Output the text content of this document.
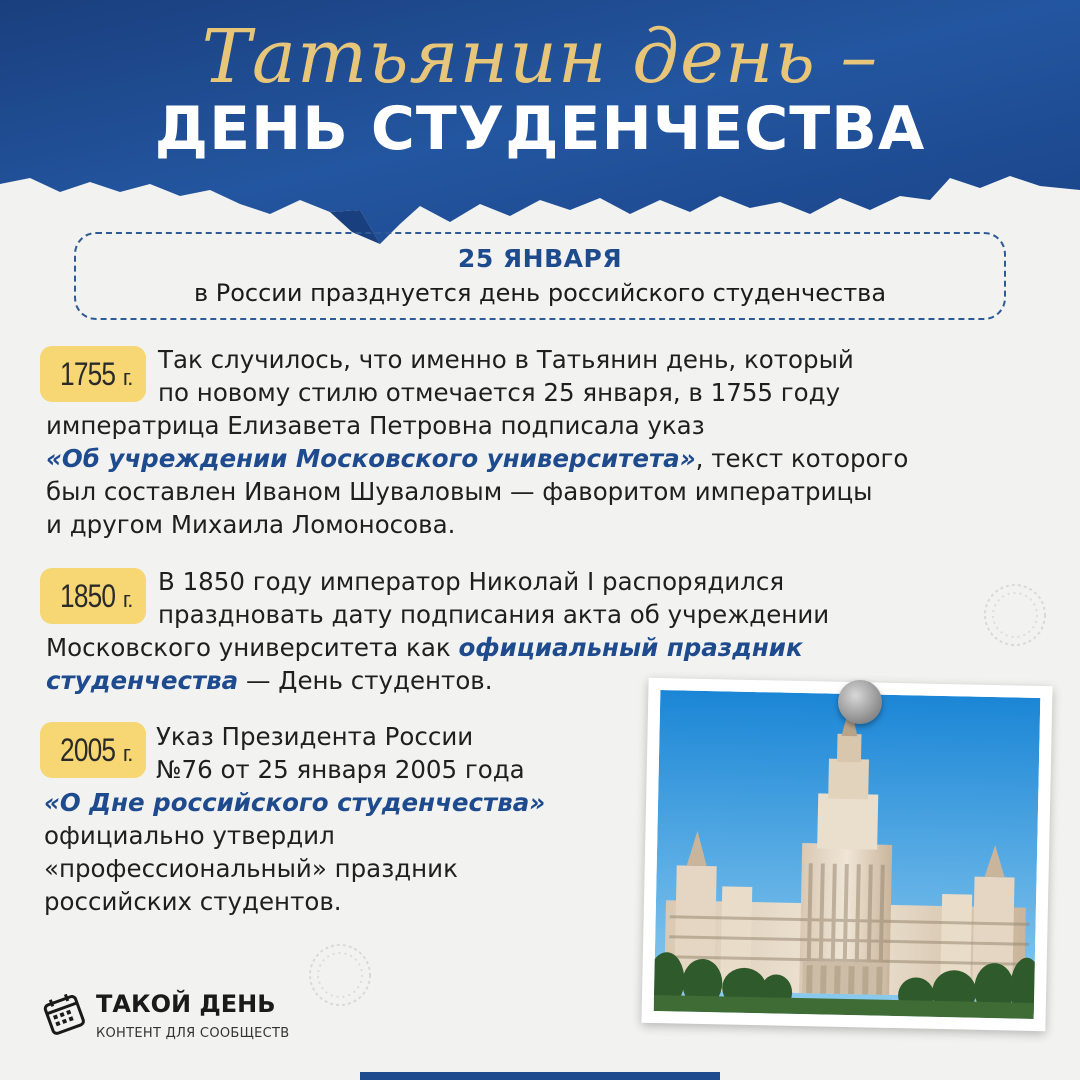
Татьянин день –
ДЕНЬ СТУДЕНЧЕСТВА
25 ЯНВАРЯ
в России празднуется день российского студенчества
1755 г.
Так случилось, что именно в Татьянин день, который
по новому стилю отмечается 25 января, в 1755 году
императрица Елизавета Петровна подписала указ
«Об учреждении Московского университета», текст которого
был составлен Иваном Шуваловым — фаворитом императрицы
и другом Михаила Ломоносова.
1850 г.
В 1850 году император Николай I распорядился
праздновать дату подписания акта об учреждении
Московского университета как официальный праздник
студенчества — День студентов.
2005 г.
Указ Президента России
№76 от 25 января 2005 года
«О Дне российского студенчества»
официально утвердил
«профессиональный» праздник
российских студентов.
ТАКОЙ ДЕНЬ
КОНТЕНТ ДЛЯ СООБЩЕСТВ
